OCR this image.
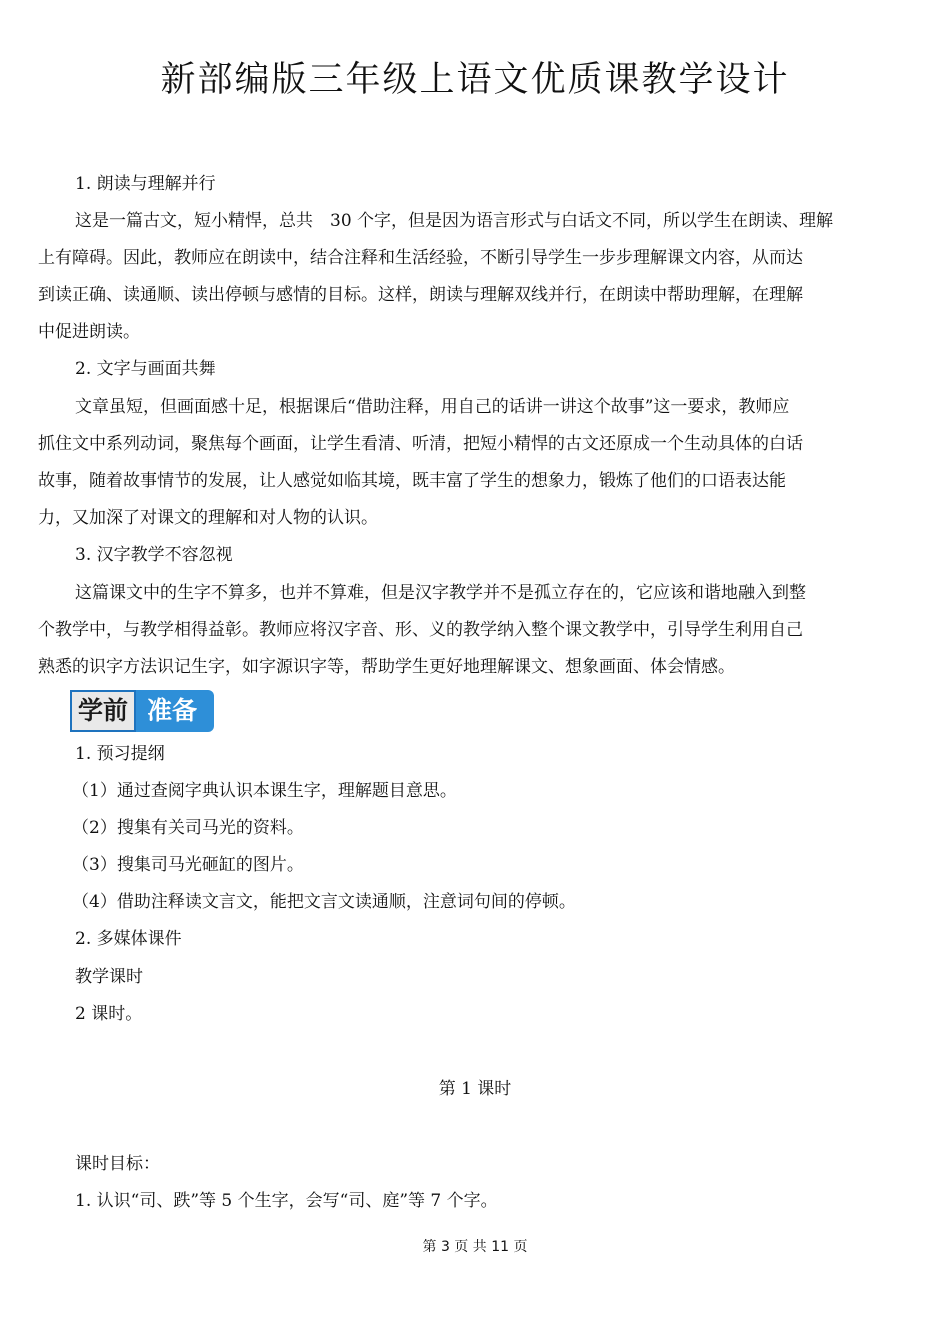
新部编版三年级上语文优质课教学设计
1. 朗读与理解并行
这是一篇古文，短小精悍，总共　30 个字，但是因为语言形式与白话文不同，所以学生在朗读、理解
上有障碍。因此，教师应在朗读中，结合注释和生活经验，不断引导学生一步步理解课文内容，从而达
到读正确、读通顺、读出停顿与感情的目标。这样，朗读与理解双线并行，在朗读中帮助理解，在理解
中促进朗读。
2. 文字与画面共舞
文章虽短，但画面感十足，根据课后“借助注释，用自己的话讲一讲这个故事”这一要求，教师应
抓住文中系列动词，聚焦每个画面，让学生看清、听清，把短小精悍的古文还原成一个生动具体的白话
故事，随着故事情节的发展，让人感觉如临其境，既丰富了学生的想象力，锻炼了他们的口语表达能
力，又加深了对课文的理解和对人物的认识。
3. 汉字教学不容忽视
这篇课文中的生字不算多，也并不算难，但是汉字教学并不是孤立存在的，它应该和谐地融入到整
个教学中，与教学相得益彰。教师应将汉字音、形、义的教学纳入整个课文教学中，引导学生利用自己
熟悉的识字方法识记生字，如字源识字等，帮助学生更好地理解课文、想象画面、体会情感。
准备
学前
1. 预习提纲
（1）通过查阅字典认识本课生字，理解题目意思。
（2）搜集有关司马光的资料。
（3）搜集司马光砸缸的图片。
（4）借助注释读文言文，能把文言文读通顺，注意词句间的停顿。
2. 多媒体课件
教学课时
2 课时。
第 1 课时
课时目标：
1. 认识“司、跌”等 5 个生字，会写“司、庭”等 7 个字。
第 3 页 共 11 页
